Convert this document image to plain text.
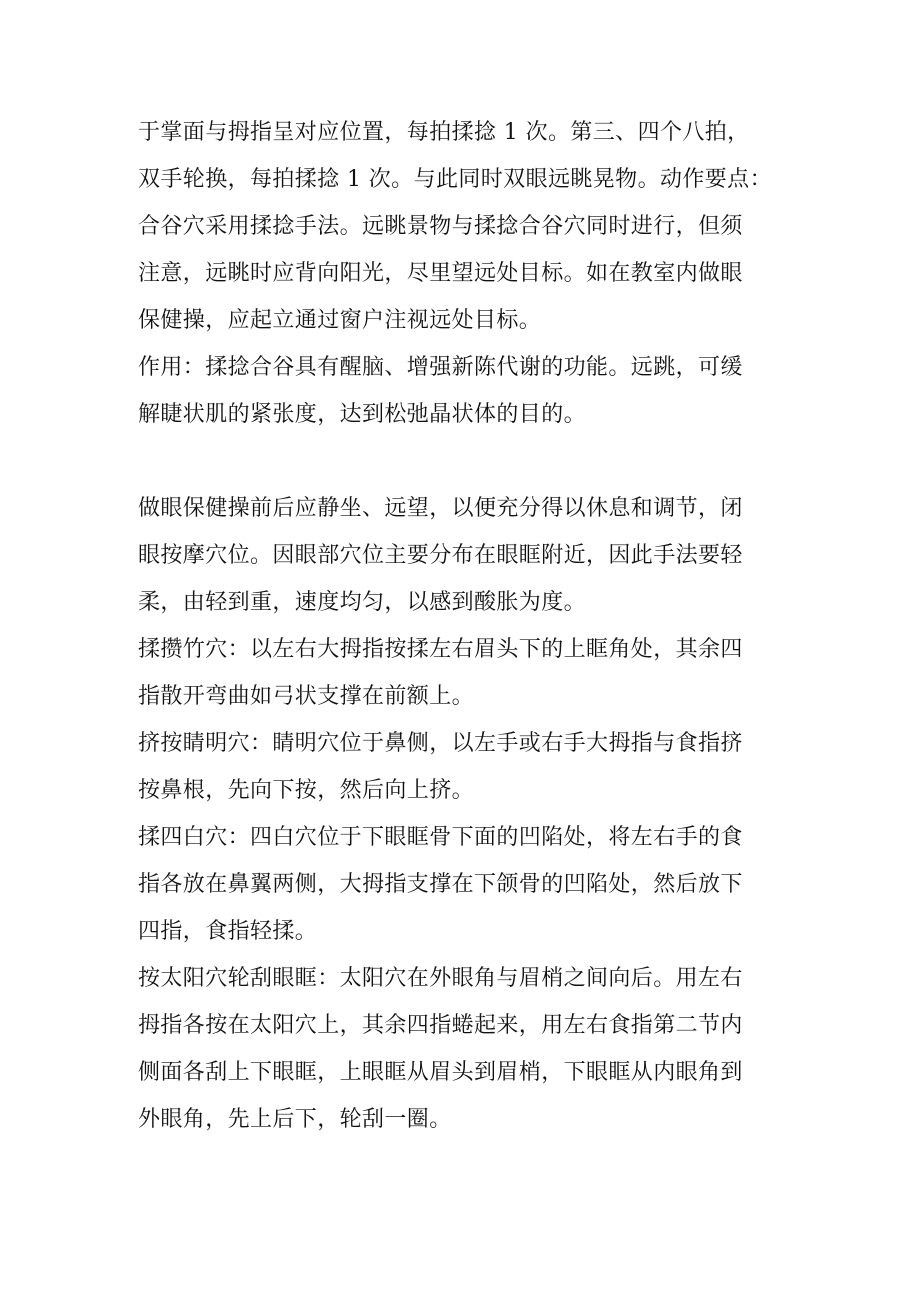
于掌面与拇指呈对应位置，每拍揉捻 1 次。第三、四个八拍，
双手轮换，每拍揉捻 1 次。与此同时双眼远眺晃物。动作要点：
合谷穴采用揉捻手法。远眺景物与揉捻合谷穴同时进行，但须
注意，远眺时应背向阳光，尽里望远处目标。如在教室内做眼
保健操，应起立通过窗户注视远处目标。
作用：揉捻合谷具有醒脑、增强新陈代谢的功能。远跳，可缓
解睫状肌的紧张度，达到松弛晶状体的目的。
做眼保健操前后应静坐、远望，以便充分得以休息和调节，闭
眼按摩穴位。因眼部穴位主要分布在眼眶附近，因此手法要轻
柔，由轻到重，速度均匀，以感到酸胀为度。
揉攒竹穴：以左右大拇指按揉左右眉头下的上眶角处，其余四
指散开弯曲如弓状支撑在前额上。
挤按睛明穴：睛明穴位于鼻侧，以左手或右手大拇指与食指挤
按鼻根，先向下按，然后向上挤。
揉四白穴：四白穴位于下眼眶骨下面的凹陷处，将左右手的食
指各放在鼻翼两侧，大拇指支撑在下颌骨的凹陷处，然后放下
四指，食指轻揉。
按太阳穴轮刮眼眶：太阳穴在外眼角与眉梢之间向后。用左右
拇指各按在太阳穴上，其余四指蜷起来，用左右食指第二节内
侧面各刮上下眼眶，上眼眶从眉头到眉梢，下眼眶从内眼角到
外眼角，先上后下，轮刮一圈。
